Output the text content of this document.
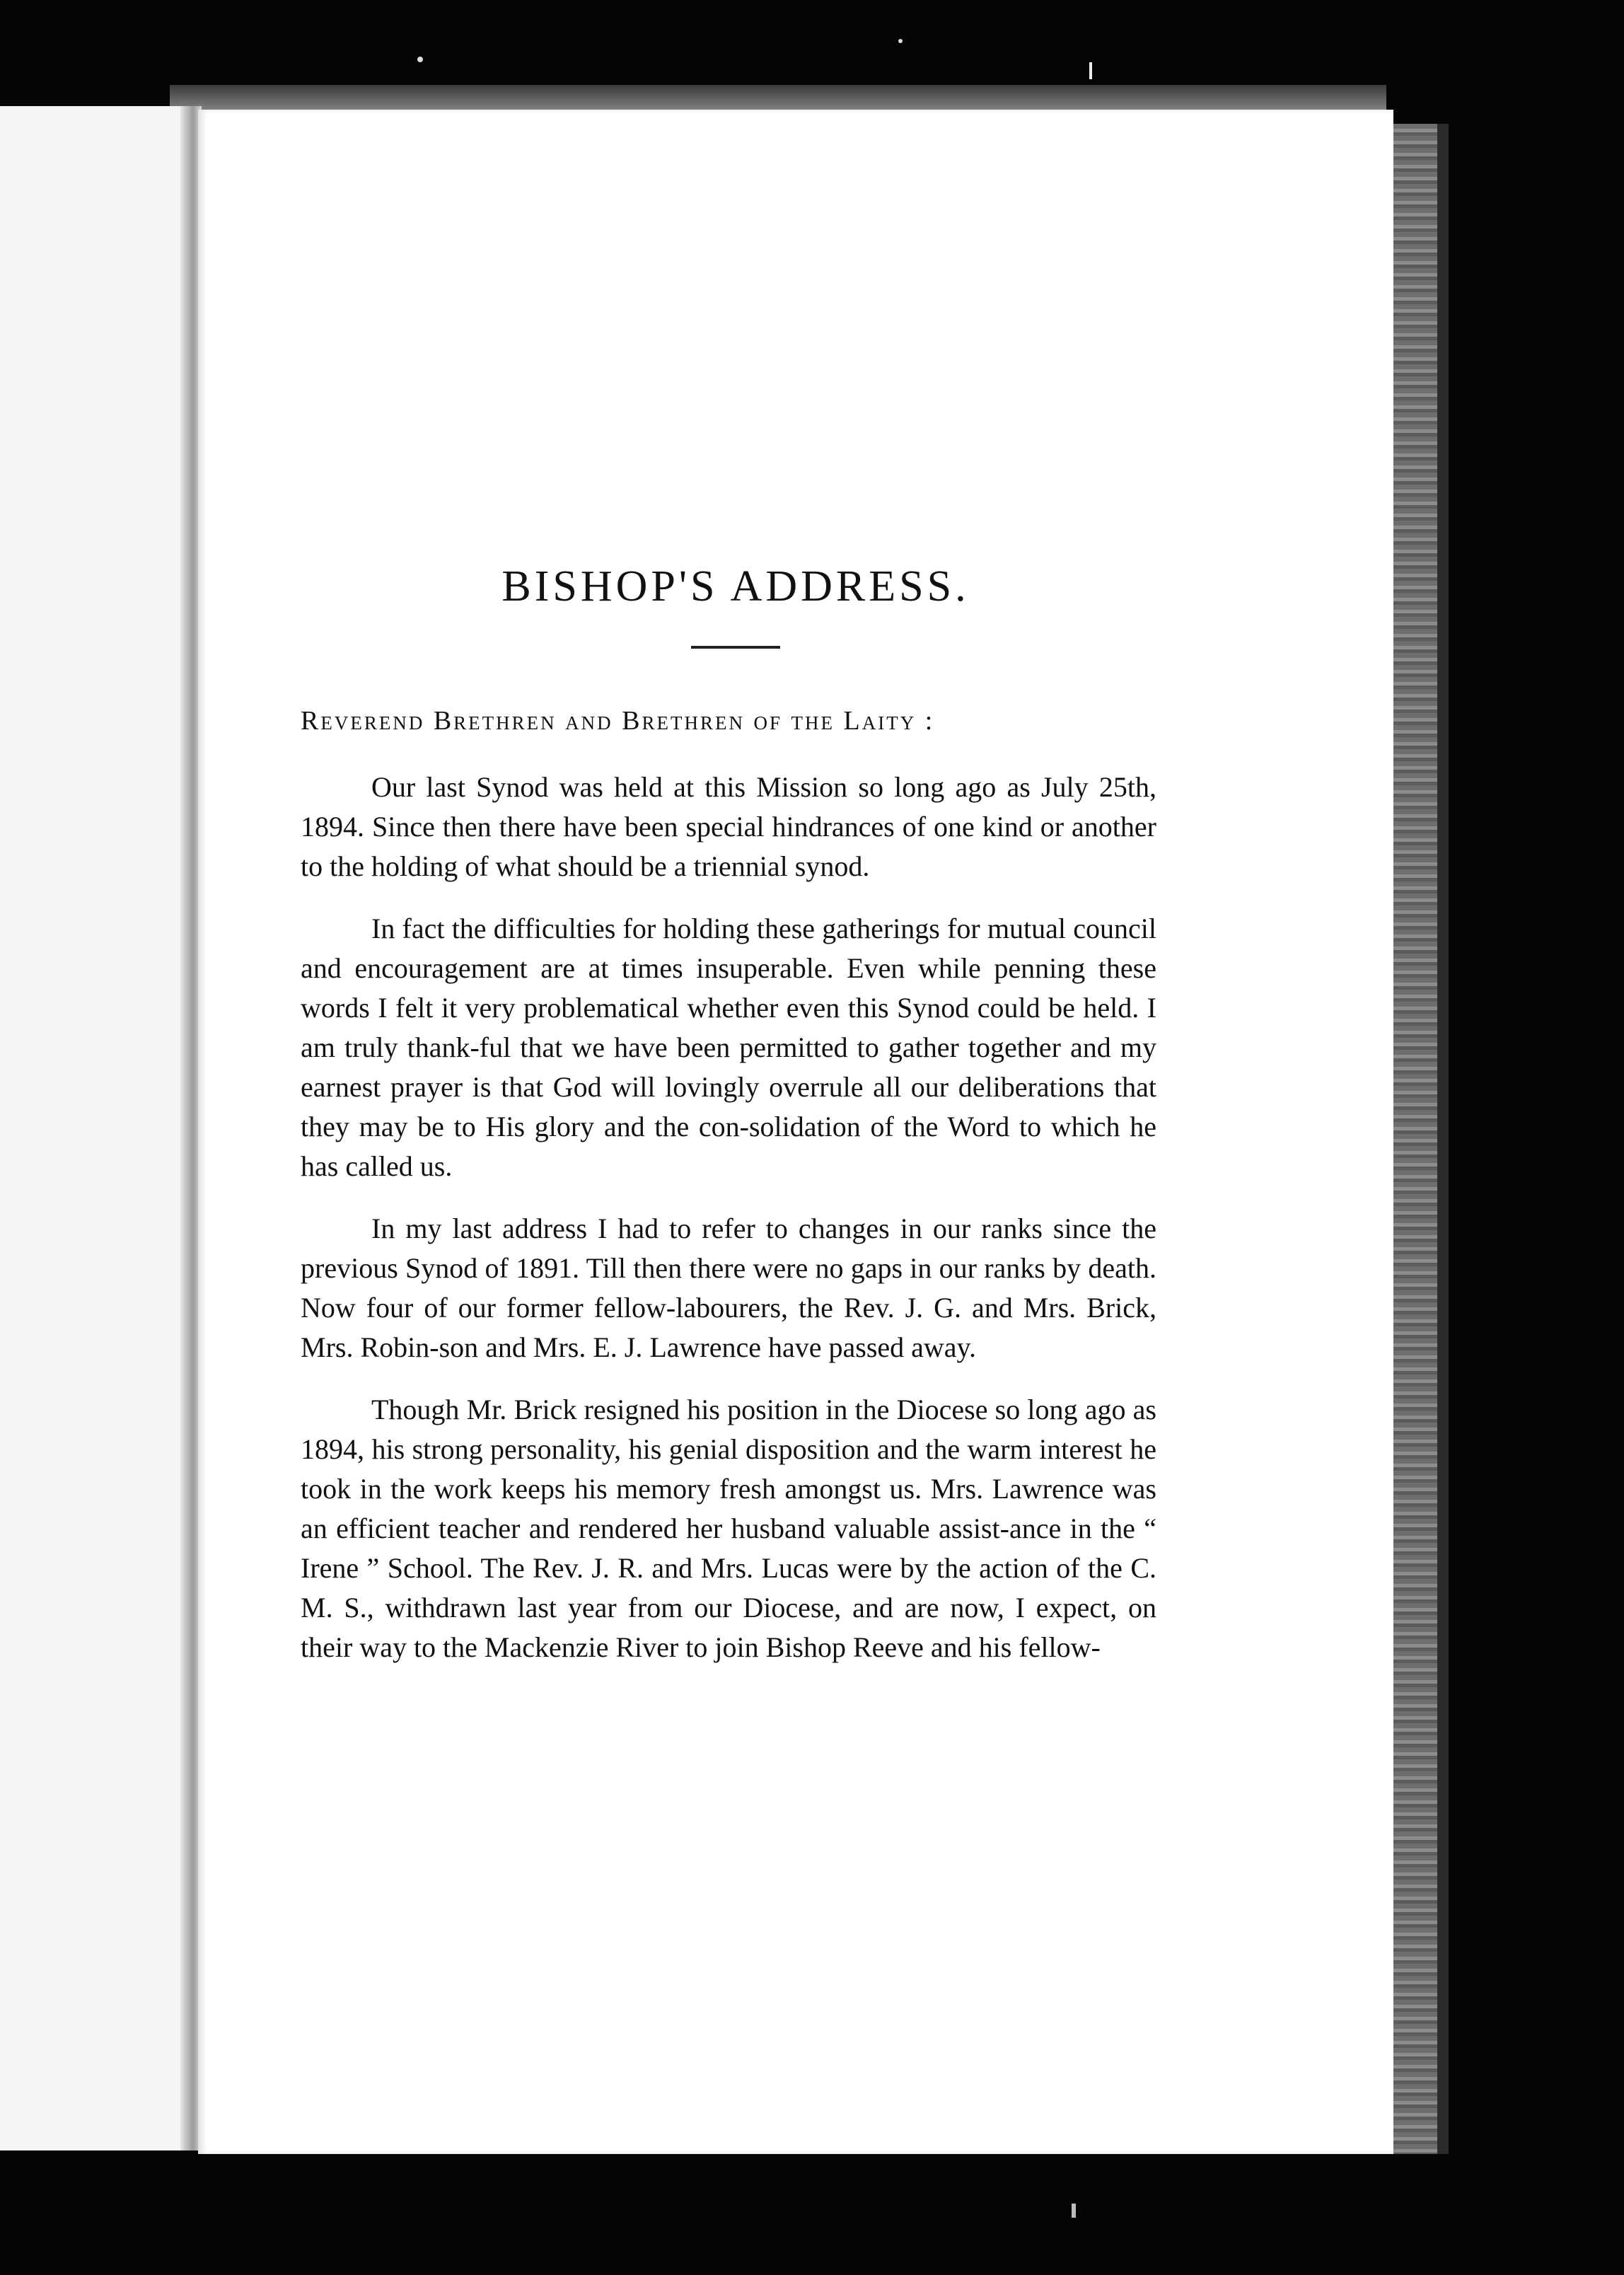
BISHOP'S ADDRESS.
Reverend Brethren and Brethren of the Laity :

Our last Synod was held at this Mission so long ago as July 25th, 1894. Since then there have been special hindrances of one kind or another to the holding of what should be a triennial synod.

In fact the difficulties for holding these gatherings for mutual council and encouragement are at times insuperable. Even while penning these words I felt it very problematical whether even this Synod could be held. I am truly thank-ful that we have been permitted to gather together and my earnest prayer is that God will lovingly overrule all our deliberations that they may be to His glory and the con-solidation of the Word to which he has called us.

In my last address I had to refer to changes in our ranks since the previous Synod of 1891. Till then there were no gaps in our ranks by death. Now four of our former fellow-labourers, the Rev. J. G. and Mrs. Brick, Mrs. Robin-son and Mrs. E. J. Lawrence have passed away.

Though Mr. Brick resigned his position in the Diocese so long ago as 1894, his strong personality, his genial disposition and the warm interest he took in the work keeps his memory fresh amongst us. Mrs. Lawrence was an efficient teacher and rendered her husband valuable assist-ance in the “ Irene ” School. The Rev. J. R. and Mrs. Lucas were by the action of the C. M. S., withdrawn last year from our Diocese, and are now, I expect, on their way to the Mackenzie River to join Bishop Reeve and his fellow-
